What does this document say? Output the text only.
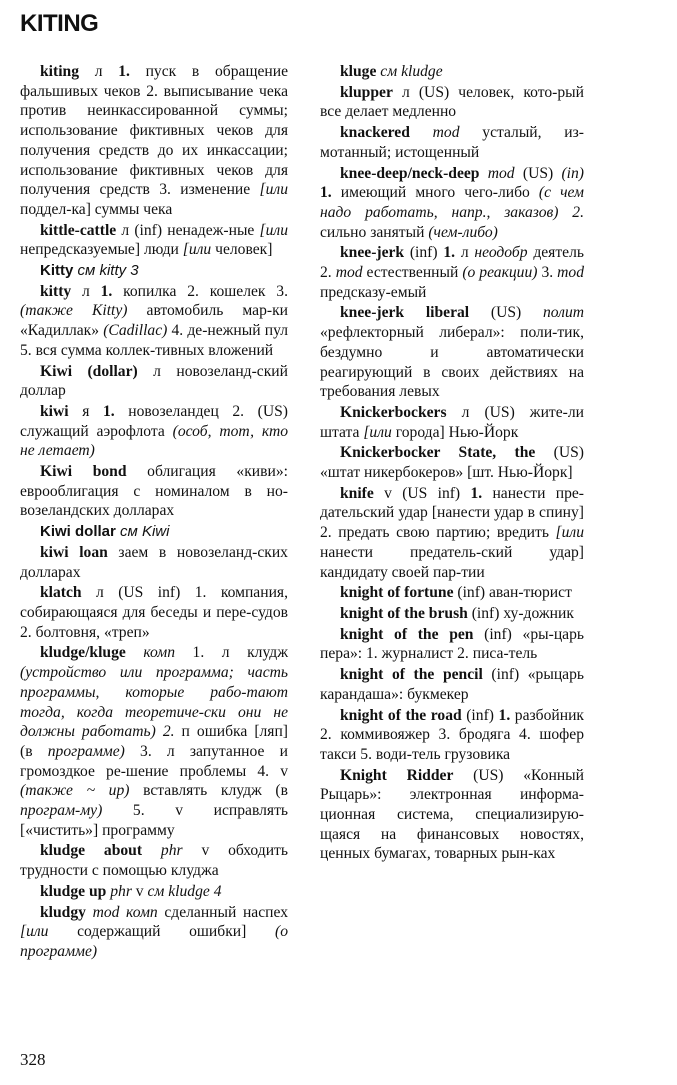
KITING

kiting л 1. пуск в обращение фальшивых чеков 2. выписывание чека против неинкассированной суммы; использование фиктивных чеков для получения средств до их инкассации; использование фиктивных чеков для получения средств 3. изменение [или поддел-ка] суммы чека

kittle-cattle л (inf) ненадеж-ные [или непредсказуемые] люди [или человек]

Kitty см kitty 3

kitty л 1. копилка 2. кошелек 3. (также Kitty) автомобиль мар-ки «Кадиллак» (Cadillac) 4. де-нежный пул 5. вся сумма коллек-тивных вложений

Kiwi (dollar) л новозеланд-ский доллар

kiwi я 1. новозеландец 2. (US) служащий аэрофлота (особ, тот, кто не летает)

Kiwi bond облигация «киви»: еврооблигация с номиналом в но-возеландских долларах

Kiwi dollar см Kiwi

kiwi loan заем в новозеланд-ских долларах

klatch л (US inf) 1. компания, собирающаяся для беседы и пере-судов 2. болтовня, «треп»

kludge/kluge комп 1. л клудж (устройство или программа; часть программы, которые рабо-тают тогда, когда теоретиче-ски они не должны работать) 2. п ошибка [ляп] (в программе) 3. л запутанное и громоздкое ре-шение проблемы 4. v (также ~ up) вставлять клудж (в програм-му) 5. v исправлять [«чистить»] программу

kludge about phr v обходить трудности с помощью клуджа

kludge up phr v см kludge 4

kludgy mod комп сделанный наспех [или содержащий ошибки] (о программе)

kluge см kludge

klupper л (US) человек, кото-рый все делает медленно

knackered mod усталый, из-мотанный; истощенный

knee-deep/neck-deep mod (US) (in) 1. имеющий много чего-либо (с чем надо работать, напр., заказов) 2. сильно занятый (чем-либо)

knee-jerk (inf) 1. л неодобр деятель 2. mod естественный (о реакции) 3. mod предсказу-емый

knee-jerk liberal (US) полит «рефлекторный либерал»: поли-тик, бездумно и автоматически реагирующий в своих действиях на требования левых

Knickerbockers л (US) жите-ли штата [или города] Нью-Йорк

Knickerbocker State, the (US) «штат никербокеров» [шт. Нью-Йорк]

knife v (US inf) 1. нанести пре-дательский удар [нанести удар в спину] 2. предать свою партию; вредить [или нанести предатель-ский удар] кандидату своей пар-тии

knight of fortune (inf) аван-тюрист

knight of the brush (inf) ху-дожник

knight of the pen (inf) «ры-царь пера»: 1. журналист 2. писа-тель

knight of the pencil (inf) «рыцарь карандаша»: букмекер

knight of the road (inf) 1. разбойник 2. коммивояжер 3. бродяга 4. шофер такси 5. води-тель грузовика

Knight Ridder (US) «Конный Рыцарь»: электронная информа-ционная система, специализирую-щаяся на финансовых новостях, ценных бумагах, товарных рын-ках

328
